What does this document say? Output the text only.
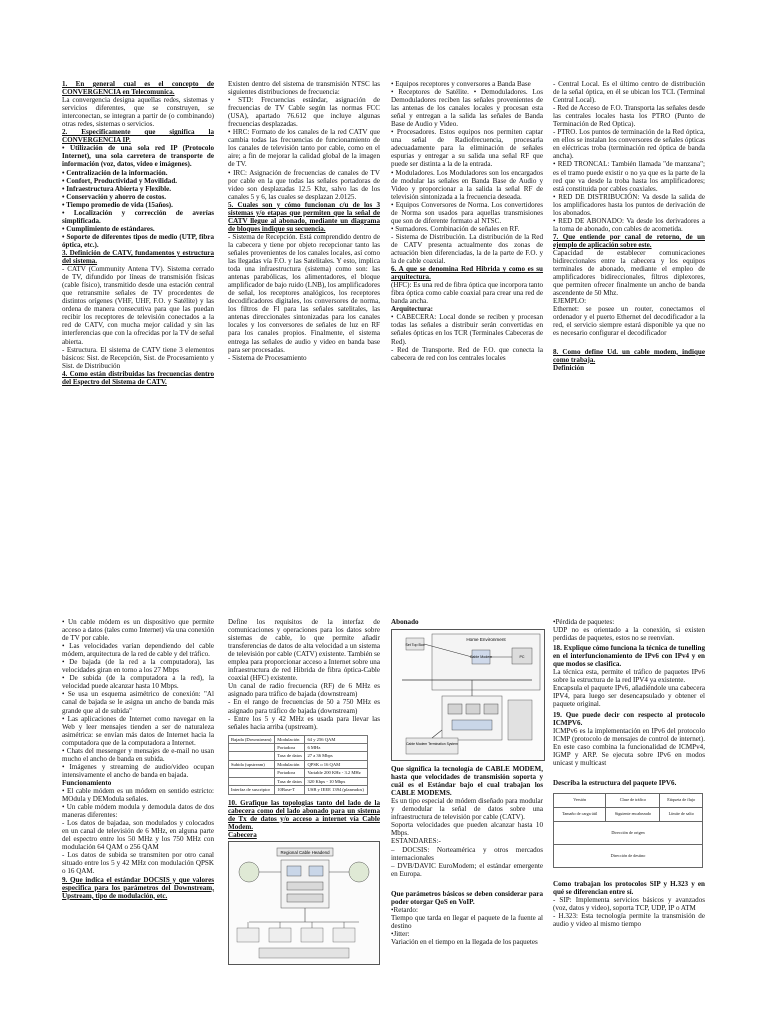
1. En general cual es el concepto de CONVERGENCIA en Telecomunica.

La convergencia designa aquellas redes, sistemas y servicios diferentes, que se construyen, se interconectan, se integran a partir de (o combinando) otras redes, sistemas o servicios.

2. Especificamente que significa la CONVERGENCIA IP.

• Utilización de una sola red IP (Protocolo Internet), una sola carretera de transporte de información (voz, datos, video e imágenes).

• Centralización de la información.

• Confort, Productividad y Movilidad.

• Infraestructura Abierta y Flexible.

• Conservación y ahorro de costos.

• Tiempo promedio de vida (15años).

• Localización y corrección de averías simplificada.

• Cumplimiento de estándares.

• Soporte de diferentes tipos de medio (UTP, fibra óptica, etc.).

3. Definición de CATV, fundamentos y estructura del sistema.

- CATV (Community Antena TV). Sistema cerrado de TV, difundido por líneas de transmisión físicas (cable físico), transmitido desde una estación central que retransmite señales de TV procedentes de distintos orígenes (VHF, UHF, F.O. y Satélite) y las ordena de manera consecutiva para que las puedan recibir los receptores de televisión conectados a la red de CATV, con mucha mejor calidad y sin las interferencias que con la ofrecidas por la TV de señal abierta.

- Estructura. El sistema de CATV tiene 3 elementos básicos: Sist. de Recepción, Sist. de Procesamiento y Sist. de Distribución

4. Como están distribuidas las frecuencias dentro del Espectro del Sistema de CATV.

Existen dentro del sistema de transmisión NTSC las siguientes distribuciones de frecuencia:

• STD: Frecuencias estándar, asignación de frecuencias de TV Cable según las normas FCC (USA), apartado 76.612 que incluye algunas frecuencias desplazadas.

• HRC: Formato de los canales de la red CATV que cambia todas las frecuencias de funcionamiento de los canales de televisión tanto por cable, como en el aire; a fin de mejorar la calidad global de la imagen de TV.

• IRC: Asignación de frecuencias de canales de TV por cable en la que todas las señales portadoras de video son desplazadas 12.5 Khz, salvo las de los canales 5 y 6, las cuales se desplazan 2.0125.

5. Cuales son y cómo funcionan c/u de los 3 sistemas y/o etapas que permiten que la señal de CATV llegue al abonado, mediante un diagrama de bloques indique su secuencia.

- Sistema de Recepción. Está comprendido dentro de la cabecera y tiene por objeto recepcionar tanto las señales provenientes de los canales locales, así como las llegadas vía F.O. y las Satelitales. Y esto, implica toda una infraestructura (sistema) como son: las antenas parabólicas, los alimentadores, el bloque amplificador de bajo ruido (LNB), los amplificadores de señal, los receptores analógicos, los receptores decodificadores digitales, los conversores de norma, los filtros de FI para las señales satelitales, las antenas direccionales sintonizadas para los canales locales y los conversores de señales de luz en RF para los canales propios. Finalmente, el sistema entrega las señales de audio y video en banda base para ser procesadas.

- Sistema de Procesamiento

• Equipos receptores y conversores a Banda Base

• Receptores de Satélite. • Demoduladores. Los Demoduladores reciben las señales provenientes de las antenas de los canales locales y procesan esta señal y entregan a la salida las señales de Banda Base de Audio y Video.

• Procesadores. Estos equipos nos permiten captar una señal de Radiofrecuencia, procesarla adecuadamente para la eliminación de señales espurias y entregar a su salida una señal RF que puede ser distinta a la de la entrada.

• Moduladores. Los Moduladores son los encargados de modular las señales en Banda Base de Audio y Video y proporcionar a la salida la señal RF de televisión sintonizada a la frecuencia deseada.

• Equipos Conversores de Norma. Los convertidores de Norma son usados para aquellas transmisiones que son de diferente formato al NTSC.

• Sumadores. Combinación de señales en RF.

- Sistema de Distribución. La distribución de la Red de CATV presenta actualmente dos zonas de actuación bien diferenciadas, la de la parte de F.O. y la de cable coaxial.

6. A que se denomina Red Hibrida y como es su arquitectura.

(HFC): Es una red de fibra óptica que incorpora tanto fibra óptica como cable coaxial para crear una red de banda ancha.

Arquitectura:

• CABECERA: Local donde se reciben y procesan todas las señales a distribuir serán convertidas en señales ópticas en los TCR (Terminales Cabeceras de Red).

- Red de Transporte. Red de F.O. que conecta la cabecera de red con los centrales locales

- Central Local. Es el último centro de distribución de la señal óptica, en él se ubican los TCL (Terminal Central Local).

- Red de Acceso de F.O. Transporta las señales desde las centrales locales hasta los PTRO (Punto de Terminación de Red Optica).

- PTRO. Los puntos de terminación de la Red óptica, en ellos se instalan los conversores de señales ópticas en eléctricas troba (terminación red óptica de banda ancha).

• RED TRONCAL: También llamada "de manzana"; es el tramo puede existir o no ya que es la parte de la red que va desde la troba hasta los amplificadores; está constituida por cables coaxiales.

• RED DE DISTRIBUCIÓN: Va desde la salida de los amplificadores hasta los puntos de derivación de los abonados.

• RED DE ABONADO: Va desde los derivadores a la toma de abonado, con cables de acometida.

7. Que entiende por canal de retorno, de un ejemplo de aplicación sobre este.

Capacidad de establecer comunicaciones bidireccionales entre la cabecera y los equipos terminales de abonado, mediante el empleo de amplificadores bidireccionales, filtros diplexores, que permiten ofrecer finalmente un ancho de banda ascendente de 50 Mhz.

EJEMPLO:

Ethernet: se posee un router, conectamos el ordenador y el puerto Ethernet del decodificador a la red, el servicio siempre estará disponible ya que no es necesario configurar el decodificador

8. Como define Ud. un cable modem, indique como trabaja.

Definición

• Un cable módem es un dispositivo que permite acceso a datos (tales como Internet) vía una conexión de TV por cable.

• Las velocidades varían dependiendo del cable módem, arquitectura de la red de cable y del tráfico.

• De bajada (de la red a la computadora), las velocidades giran en torno a los 27 Mbps

• De subida (de la computadora a la red), la velocidad puede alcanzar hasta 10 Mbps.

• Se usa un esquema asimétrico de conexión: "Al canal de bajada se le asigna un ancho de banda más grande que al de subida"

• Las aplicaciones de Internet como navegar en la Web y leer mensajes tienden a ser de naturaleza asimétrica: se envían más datos de Internet hacia la computadora que de la computadora a Internet.

• Chats del messenger y mensajes de e-mail no usan mucho el ancho de banda en subida.

• Imágenes y streaming de audio/video ocupan intensivamente el ancho de banda en bajada.

Funcionamiento

• El cable módem es un módem en sentido estricto: MOdula y DEModula señales.

• Un cable módem modula y demodula datos de dos maneras diferentes:

- Los datos de bajadaa, son modulados y colocados en un canal de televisión de 6 MHz, en alguna parte del espectro entre los 50 MHz y los 750 MHz con modulación 64 QAM o 256 QAM

- Los datos de subida se transmiten por otro canal situado entre los 5 y 42 MHz con modulación QPSK o 16 QAM.

9. Que indica el estándar DOCSIS y que valores especifica para los parámetros del Downstream, Upstream, tipo de modulación, etc.

Define los requisitos de la interfaz de comunicaciones y operaciones para los datos sobre sistemas de cable, lo que permite añadir transferencias de datos de alta velocidad a un sistema de televisión por cable (CATV) existente. También se emplea para proporcionar acceso a Internet sobre una infraestructura de red Hibrida de fibra óptica-Cable coaxial (HFC) existente.

Un canal de radio frecuencia (RF) de 6 MHz es asignado para tráfico de bajada (downstream)

- En el rango de frecuencias de 50 a 750 MHz es asignado para tráfico de bajada (downstream)

- Entre los 5 y 42 MHz es usada para llevar las señales hacia arriba (upstream).

Bajada (Downstream)	Modulación	64 y 256 QAM
	Portadora	6 MHz
	Tasa de datos	27 a 36 Mbps
Subida (upstream)	Modulación	QPSK o 16 QAM
	Portadora	Variable 200 KHz - 3.2 MHz
	Tasa de datos	320 Kbps - 10 Mbps
Interfaz de suscriptor	10Base-T	USB y IEEE 1394 (planeados)

10. Grafique las topologias tanto del lado de la cabecera como del lado abonado para un sistema de Tx de datos y/o acceso a internet vía Cable Modem.

Cabecera

Regional Cable Headend

Abonado

Home Environment
Set Top Box
Cable Modem	PC
Cable Modem Termination System

Que significa la tecnología de CABLE MODEM, hasta que velocidades de transmisión soporta y cuál es el Estándar bajo el cual trabajan los CABLE MODEMS.

Es un tipo especial de módem diseñado para modular y demodular la señal de datos sobre una infraestructura de televisión por cable (CATV).

Soporta velocidades que pueden alcanzar hasta 10 Mbps.

ESTANDARES:-

– DOCSIS: Norteamérica y otros mercados internacionales

– DVB/DAVIC EuroModem; el estándar emergente en Europa.

Que parámetros básicos se deben considerar para poder otorgar QoS en VoIP.

•Retardo:

Tiempo que tarda en llegar el paquete de la fuente al destino

•Jitter:

Variación en el tiempo en la llegada de los paquetes

•Pérdida de paquetes:

UDP no es orientado a la conexión, si existen perdidas de paquetes, estos no se reenvían.

18. Explique cómo funciona la técnica de tunelling en el interfuncionamiento de IPv6 con IPv4 y en que modos se clasifica.

La técnica esta, permite el tráfico de paquetes IPv6 sobre la estructura de la red IPV4 ya existente.

Encapsula el paquete IPv6, añadiéndole una cabecera IPV4, para luego ser desencapsulado y obtener el paquete original.

19. Que puede decir con respecto al protocolo ICMPV6.

ICMPv6 es la implementación en IPv6 del protocolo ICMP (protocolo de mensajes de control de internet). En este caso combina la funcionalidad de ICMPv4, IGMP y ARP. Se ejecuta sobre IPv6 en modos unicast y multicast

Describa la estructura del paquete IPV6.

Versión	Clase de tráfico	Etiqueta de flujo
Tamaño de carga útil	Siguiente encabezado	Límite de salto
Dirección de origen		
Dirección de destino		

Como trabajan los protocolos SIP y H.323 y en qué se diferencian entre sí.

- SIP: Implementa servicios básicos y avanzados (voz, datos y video), soporta TCP, UDP, IP o ATM

- H.323: Esta tecnología permite la transmisión de audio y video al mismo tiempo
